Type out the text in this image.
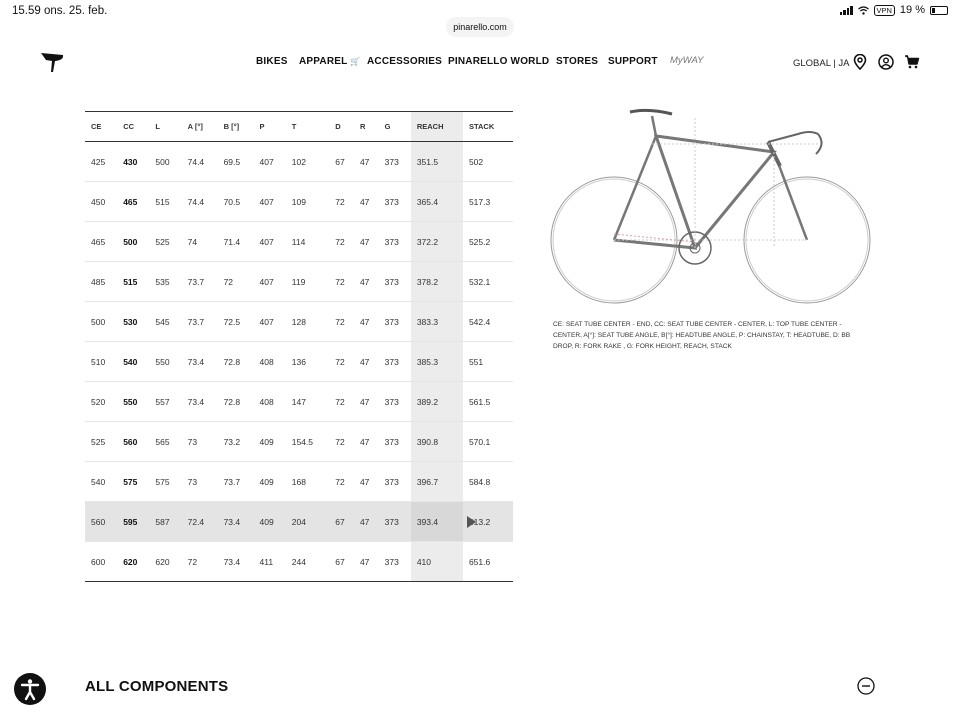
15.59 ons. 25. feb.	VPN 19 %
pinarello.com
BIKES APPAREL 🛒 ACCESSORIES PINARELLO WORLD STORES SUPPORT MyWAY	GLOBAL | JA
CE	CC	L	A [°]	B [°]	P	T	D	R	G	REACH	STACK
425	430	500	74.4	69.5	407	102	67	47	373	351.5	502
450	465	515	74.4	70.5	407	109	72	47	373	365.4	517.3
465	500	525	74	71.4	407	114	72	47	373	372.2	525.2
485	515	535	73.7	72	407	119	72	47	373	378.2	532.1
500	530	545	73.7	72.5	407	128	72	47	373	383.3	542.4
510	540	550	73.4	72.8	408	136	72	47	373	385.3	551
520	550	557	73.4	72.8	408	147	72	47	373	389.2	561.5
525	560	565	73	73.2	409	154.5	72	47	373	390.8	570.1
540	575	575	73	73.7	409	168	72	47	373	396.7	584.8
560	595	587	72.4	73.4	409	204	67	47	373	393.4	613.2
600	620	620	72	73.4	411	244	67	47	373	410	651.6
CE: SEAT TUBE CENTER - END, CC: SEAT TUBE CENTER - CENTER, L: TOP TUBE CENTER - CENTER, A[°]: SEAT TUBE ANGLE, B[°]: HEADTUBE ANGLE, P: CHAINSTAY, T: HEADTUBE, D: BB DROP, R: FORK RAKE , G: FORK HEIGHT, REACH, STACK
ALL COMPONENTS
